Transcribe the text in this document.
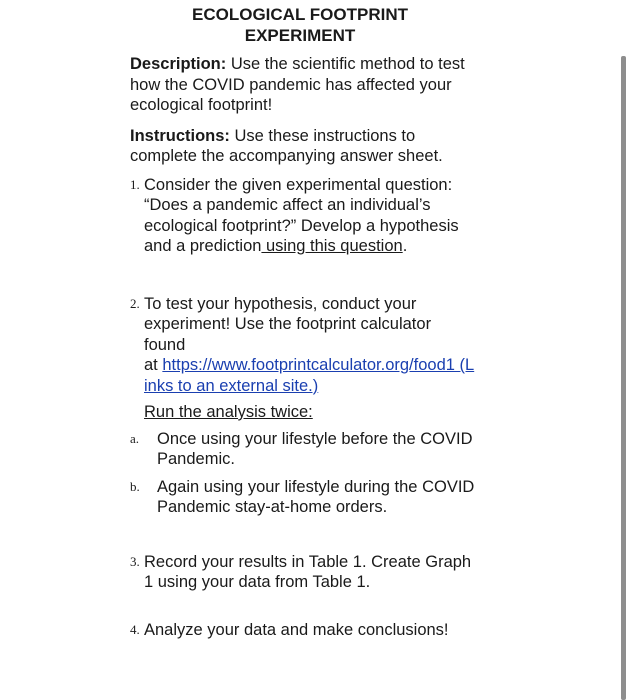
ECOLOGICAL FOOTPRINT
EXPERIMENT
Description: Use the scientific method to test how the COVID pandemic has affected your ecological footprint!
Instructions: Use these instructions to complete the accompanying answer sheet.
1. Consider the given experimental question: “Does a pandemic affect an individual’s ecological footprint?” Develop a hypothesis and a prediction using this question.
2. To test your hypothesis, conduct your experiment! Use the footprint calculator found
at https://www.footprintcalculator.org/food1 (Links to an external site.)
Run the analysis twice:
a.	Once using your lifestyle before the COVID Pandemic.
b.	Again using your lifestyle during the COVID Pandemic stay-at-home orders.
3. Record your results in Table 1. Create Graph 1 using your data from Table 1.
4. Analyze your data and make conclusions!
